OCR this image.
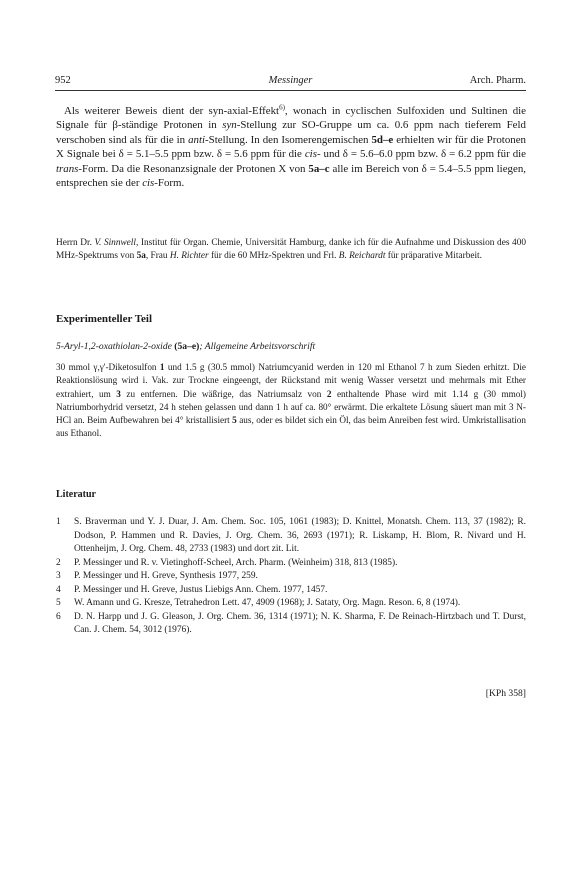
952	Messinger	Arch. Pharm.

Als weiterer Beweis dient der syn-axial-Effekt$^{6)}$, wonach in cyclischen Sulfoxiden und Sultinen die Signale für β-ständige Protonen in syn-Stellung zur SO-Gruppe um ca. 0.6 ppm nach tieferem Feld verschoben sind als für die in anti-Stellung. In den Isomerengemischen 5d–e erhielten wir für die Protonen X Signale bei δ = 5.1–5.5 ppm bzw. δ = 5.6 ppm für die cis- und δ = 5.6–6.0 ppm bzw. δ = 6.2 ppm für die trans-Form. Da die Resonanzsignale der Protonen X von 5a–c alle im Bereich von δ = 5.4–5.5 ppm liegen, entsprechen sie der cis-Form.

Herrn Dr. V. Sinnwell, Institut für Organ. Chemie, Universität Hamburg, danke ich für die Aufnahme und Diskussion des 400 MHz-Spektrums von 5a, Frau H. Richter für die 60 MHz-Spektren und Frl. B. Reichardt für präparative Mitarbeit.

Experimenteller Teil
5-Aryl-1,2-oxathiolan-2-oxide (5a–e); Allgemeine Arbeitsvorschrift

30 mmol γ,γ'-Diketosulfon 1 und 1.5 g (30.5 mmol) Natriumcyanid werden in 120 ml Ethanol 7 h zum Sieden erhitzt. Die Reaktionslösung wird i. Vak. zur Trockne eingeengt, der Rückstand mit wenig Wasser versetzt und mehrmals mit Ether extrahiert, um 3 zu entfernen. Die wäßrige, das Natriumsalz von 2 enthaltende Phase wird mit 1.14 g (30 mmol) Natriumborhydrid versetzt, 24 h stehen gelassen und dann 1 h auf ca. 80° erwärmt. Die erkaltete Lösung säuert man mit 3 N-HCl an. Beim Aufbewahren bei 4° kristallisiert 5 aus, oder es bildet sich ein Öl, das beim Anreiben fest wird. Umkristallisation aus Ethanol.

Literatur
1 S. Braverman und Y. J. Duar, J. Am. Chem. Soc. 105, 1061 (1983); D. Knittel, Monatsh. Chem. 113, 37 (1982); R. Dodson, P. Hammen und R. Davies, J. Org. Chem. 36, 2693 (1971); R. Liskamp, H. Blom, R. Nivard und H. Ottenheijm, J. Org. Chem. 48, 2733 (1983) und dort zit. Lit.
2 P. Messinger und R. v. Vietinghoff-Scheel, Arch. Pharm. (Weinheim) 318, 813 (1985).
3 P. Messinger und H. Greve, Synthesis 1977, 259.
4 P. Messinger und H. Greve, Justus Liebigs Ann. Chem. 1977, 1457.
5 W. Amann und G. Kresze, Tetrahedron Lett. 47, 4909 (1968); J. Sataty, Org. Magn. Reson. 6, 8 (1974).
6 D. N. Harpp und J. G. Gleason, J. Org. Chem. 36, 1314 (1971); N. K. Sharma, F. De Reinach-Hirtzbach und T. Durst, Can. J. Chem. 54, 3012 (1976).
[KPh 358]
